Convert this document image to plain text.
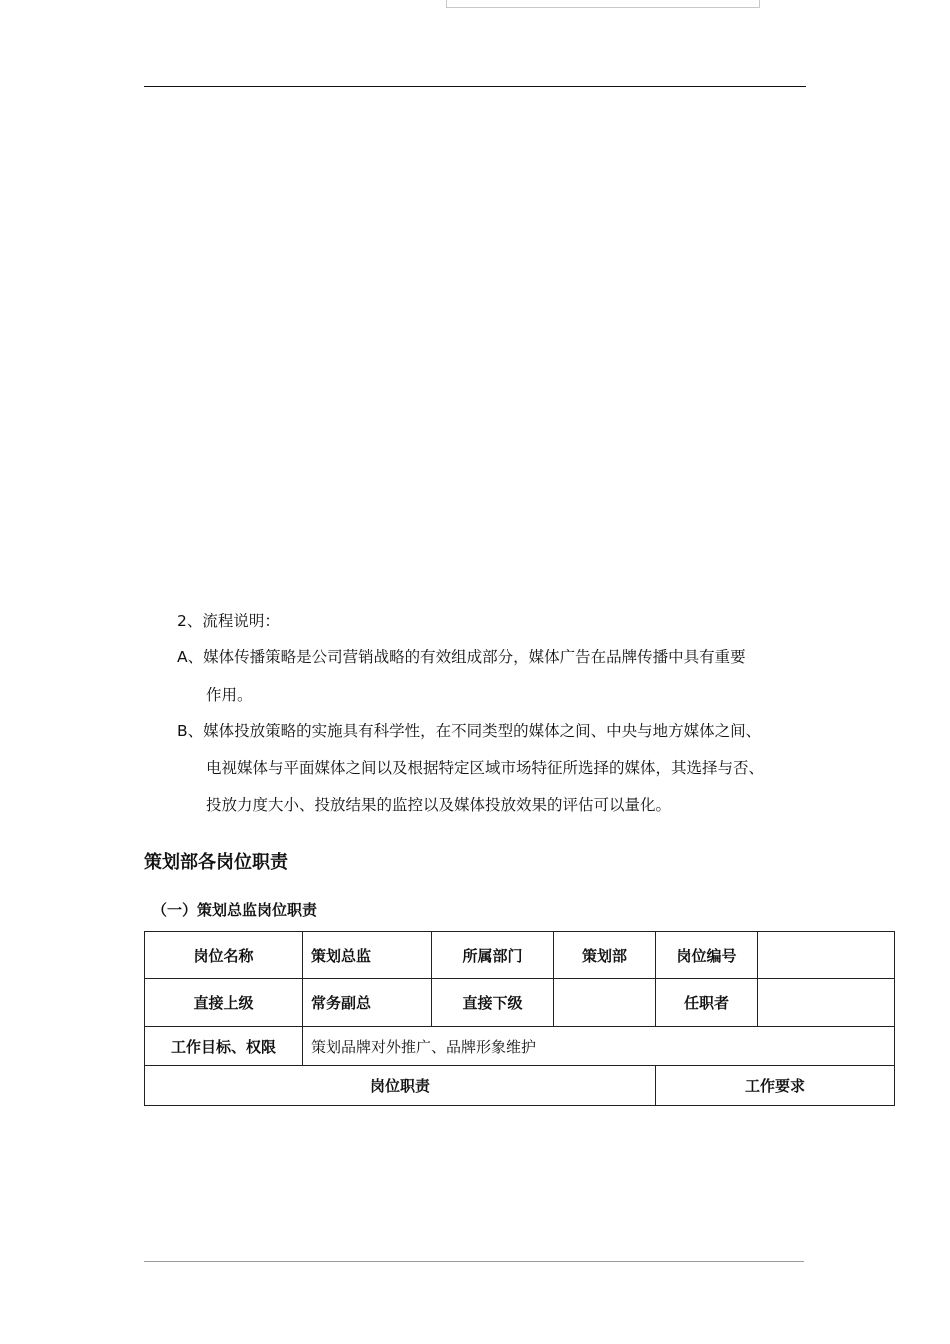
2、流程说明：
A、媒体传播策略是公司营销战略的有效组成部分，媒体广告在品牌传播中具有重要
作用。
B、媒体投放策略的实施具有科学性，在不同类型的媒体之间、中央与地方媒体之间、
电视媒体与平面媒体之间以及根据特定区域市场特征所选择的媒体，其选择与否、
投放力度大小、投放结果的监控以及媒体投放效果的评估可以量化。
策划部各岗位职责
（一）策划总监岗位职责
岗位名称	策划总监	所属部门	策划部	岗位编号	
直接上级	常务副总	直接下级		任职者	
工作目标、权限	策划品牌对外推广、品牌形象维护				
岗位职责				工作要求	
